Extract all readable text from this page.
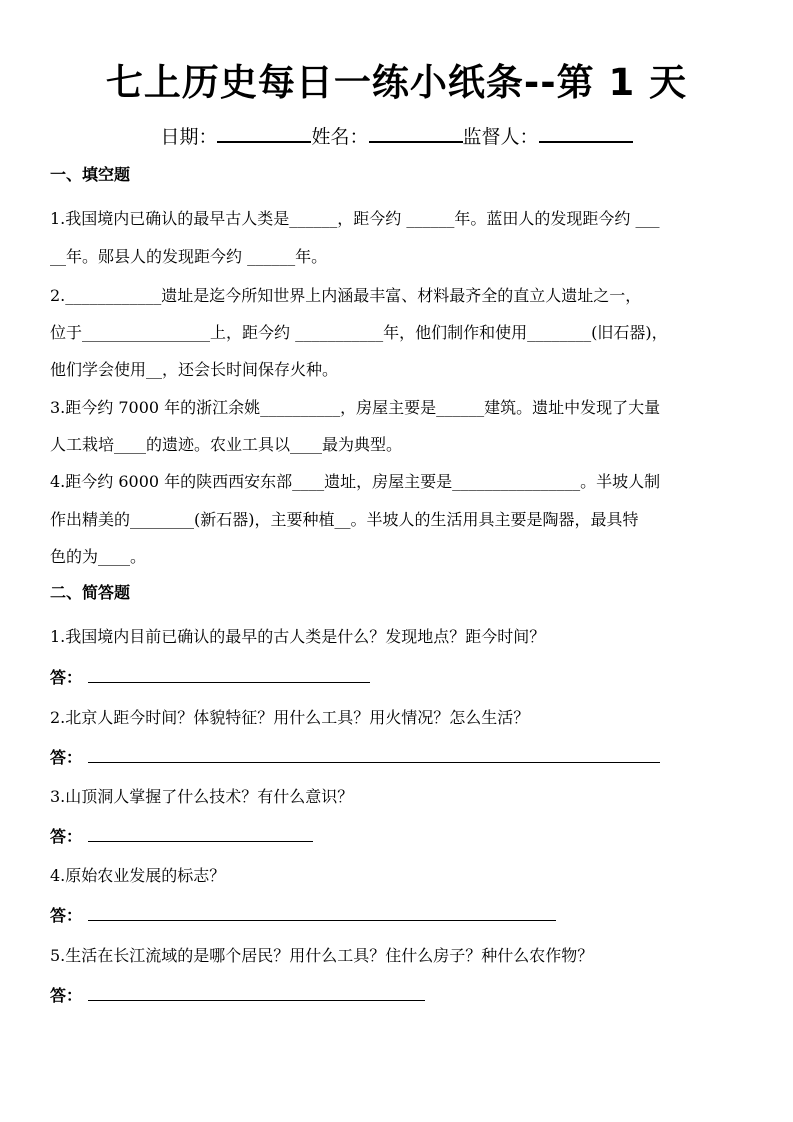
七上历史每日一练小纸条--第 1 天
日期：	姓名：	监督人：
一、填空题
1.我国境内已确认的最早古人类是______，距今约 ______年。蓝田人的发现距今约 ___
__年。郧县人的发现距今约 ______年。
2.____________遗址是迄今所知世界上内涵最丰富、材料最齐全的直立人遗址之一，
位于________________上，距今约 ___________年，他们制作和使用________(旧石器)，
他们学会使用__，还会长时间保存火种。
3.距今约 7000 年的浙江余姚__________，房屋主要是______建筑。遗址中发现了大量
人工栽培____的遗迹。农业工具以____最为典型。
4.距今约 6000 年的陕西西安东部____遗址，房屋主要是________________。半坡人制
作出精美的________(新石器)，主要种植__。半坡人的生活用具主要是陶器，最具特
色的为____。
二、简答题
1.我国境内目前已确认的最早的古人类是什么？发现地点？距今时间？
答：
2.北京人距今时间？体貌特征？用什么工具？用火情况？怎么生活？
答：
3.山顶洞人掌握了什么技术？有什么意识？
答：
4.原始农业发展的标志？
答：
5.生活在长江流域的是哪个居民？用什么工具？住什么房子？种什么农作物？
答：
